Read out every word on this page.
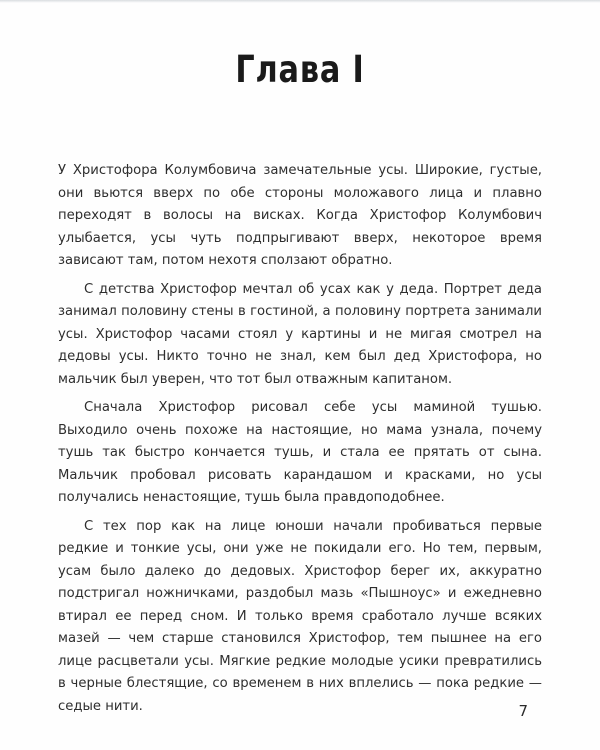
Глава I

У Христофора Колумбовича замечательные усы. Широкие, густые, они вьются вверх по обе стороны моложавого лица и плавно переходят в волосы на висках. Когда Христофор Колумбович улыбается, усы чуть подпрыгивают вверх, некоторое время зависают там, потом нехотя сползают обратно.

С детства Христофор мечтал об усах как у деда. Портрет деда занимал половину стены в гостиной, а половину портрета занимали усы. Христофор часами стоял у картины и не мигая смотрел на дедовы усы. Никто точно не знал, кем был дед Христофора, но мальчик был уверен, что тот был отважным капитаном.

Сначала Христофор рисовал себе усы маминой тушью. Выходило очень похоже на настоящие, но мама узнала, почему тушь так быстро кончается тушь, и стала ее прятать от сына. Мальчик пробовал рисовать карандашом и красками, но усы получались ненастоящие, тушь была правдоподобнее.

С тех пор как на лице юноши начали пробиваться первые редкие и тонкие усы, они уже не покидали его. Но тем, первым, усам было далеко до дедовых. Христофор берег их, аккуратно подстригал ножничками, раздобыл мазь «Пышноус» и ежедневно втирал ее перед сном. И только время сработало лучше всяких мазей — чем старше становился Христофор, тем пышнее на его лице расцветали усы. Мягкие редкие молодые усики превратились в черные блестящие, со временем в них вплелись — пока редкие — седые нити.	7
